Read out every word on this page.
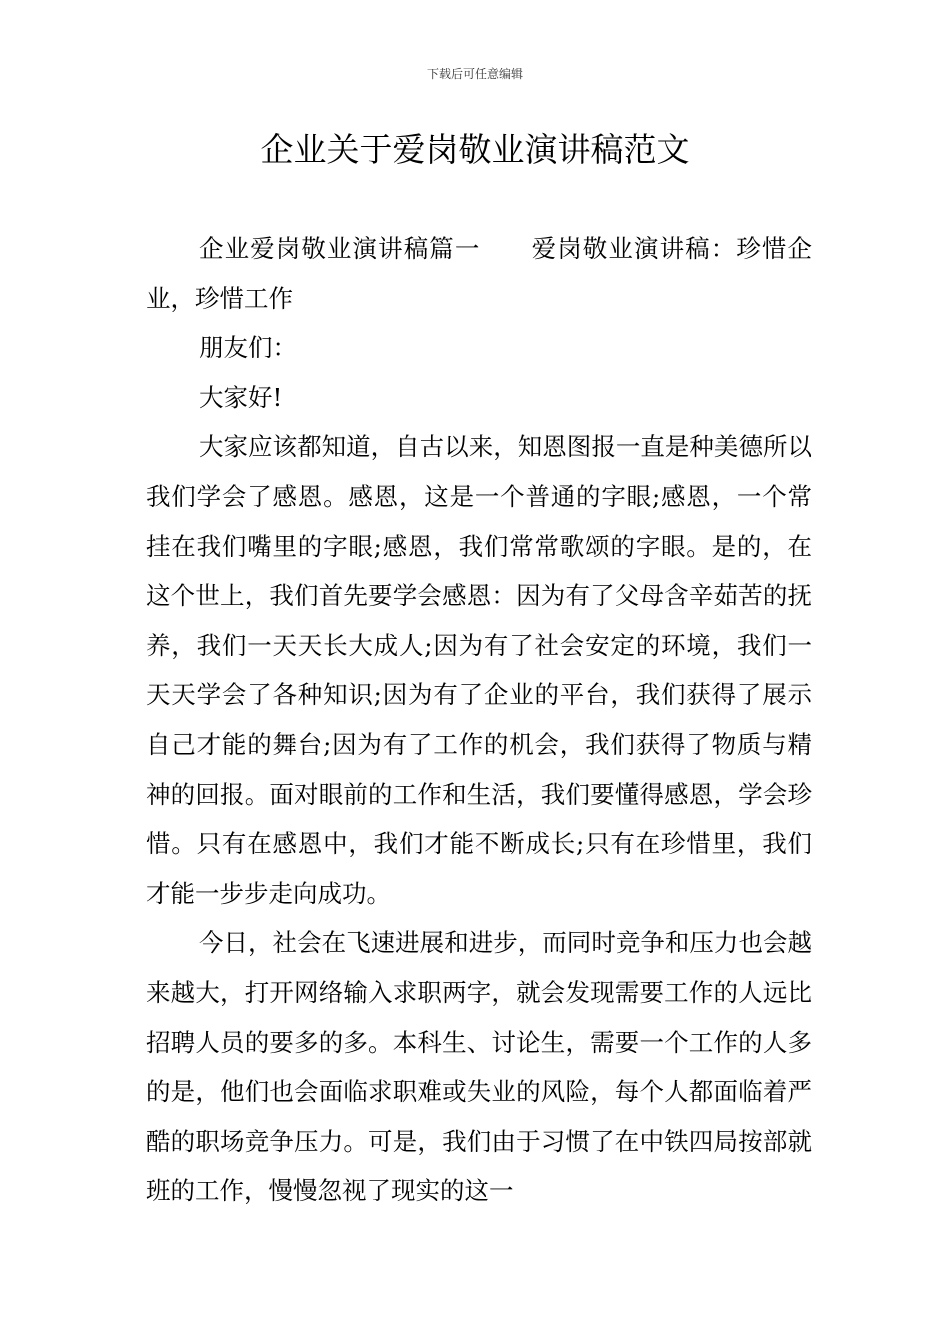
下载后可任意编辑
企业关于爱岗敬业演讲稿范文

企业爱岗敬业演讲稿篇一　　爱岗敬业演讲稿：珍惜企业，珍惜工作

朋友们：

大家好!

大家应该都知道，自古以来，知恩图报一直是种美德所以我们学会了感恩。感恩，这是一个普通的字眼;感恩，一个常挂在我们嘴里的字眼;感恩，我们常常歌颂的字眼。是的，在这个世上，我们首先要学会感恩：因为有了父母含辛茹苦的抚养，我们一天天长大成人;因为有了社会安定的环境，我们一天天学会了各种知识;因为有了企业的平台，我们获得了展示自己才能的舞台;因为有了工作的机会，我们获得了物质与精神的回报。面对眼前的工作和生活，我们要懂得感恩，学会珍惜。只有在感恩中，我们才能不断成长;只有在珍惜里，我们才能一步步走向成功。

今日，社会在飞速进展和进步，而同时竞争和压力也会越来越大，打开网络输入求职两字，就会发现需要工作的人远比招聘人员的要多的多。本科生、讨论生，需要一个工作的人多的是，他们也会面临求职难或失业的风险，每个人都面临着严酷的职场竞争压力。可是，我们由于习惯了在中铁四局按部就班的工作，慢慢忽视了现实的这一
